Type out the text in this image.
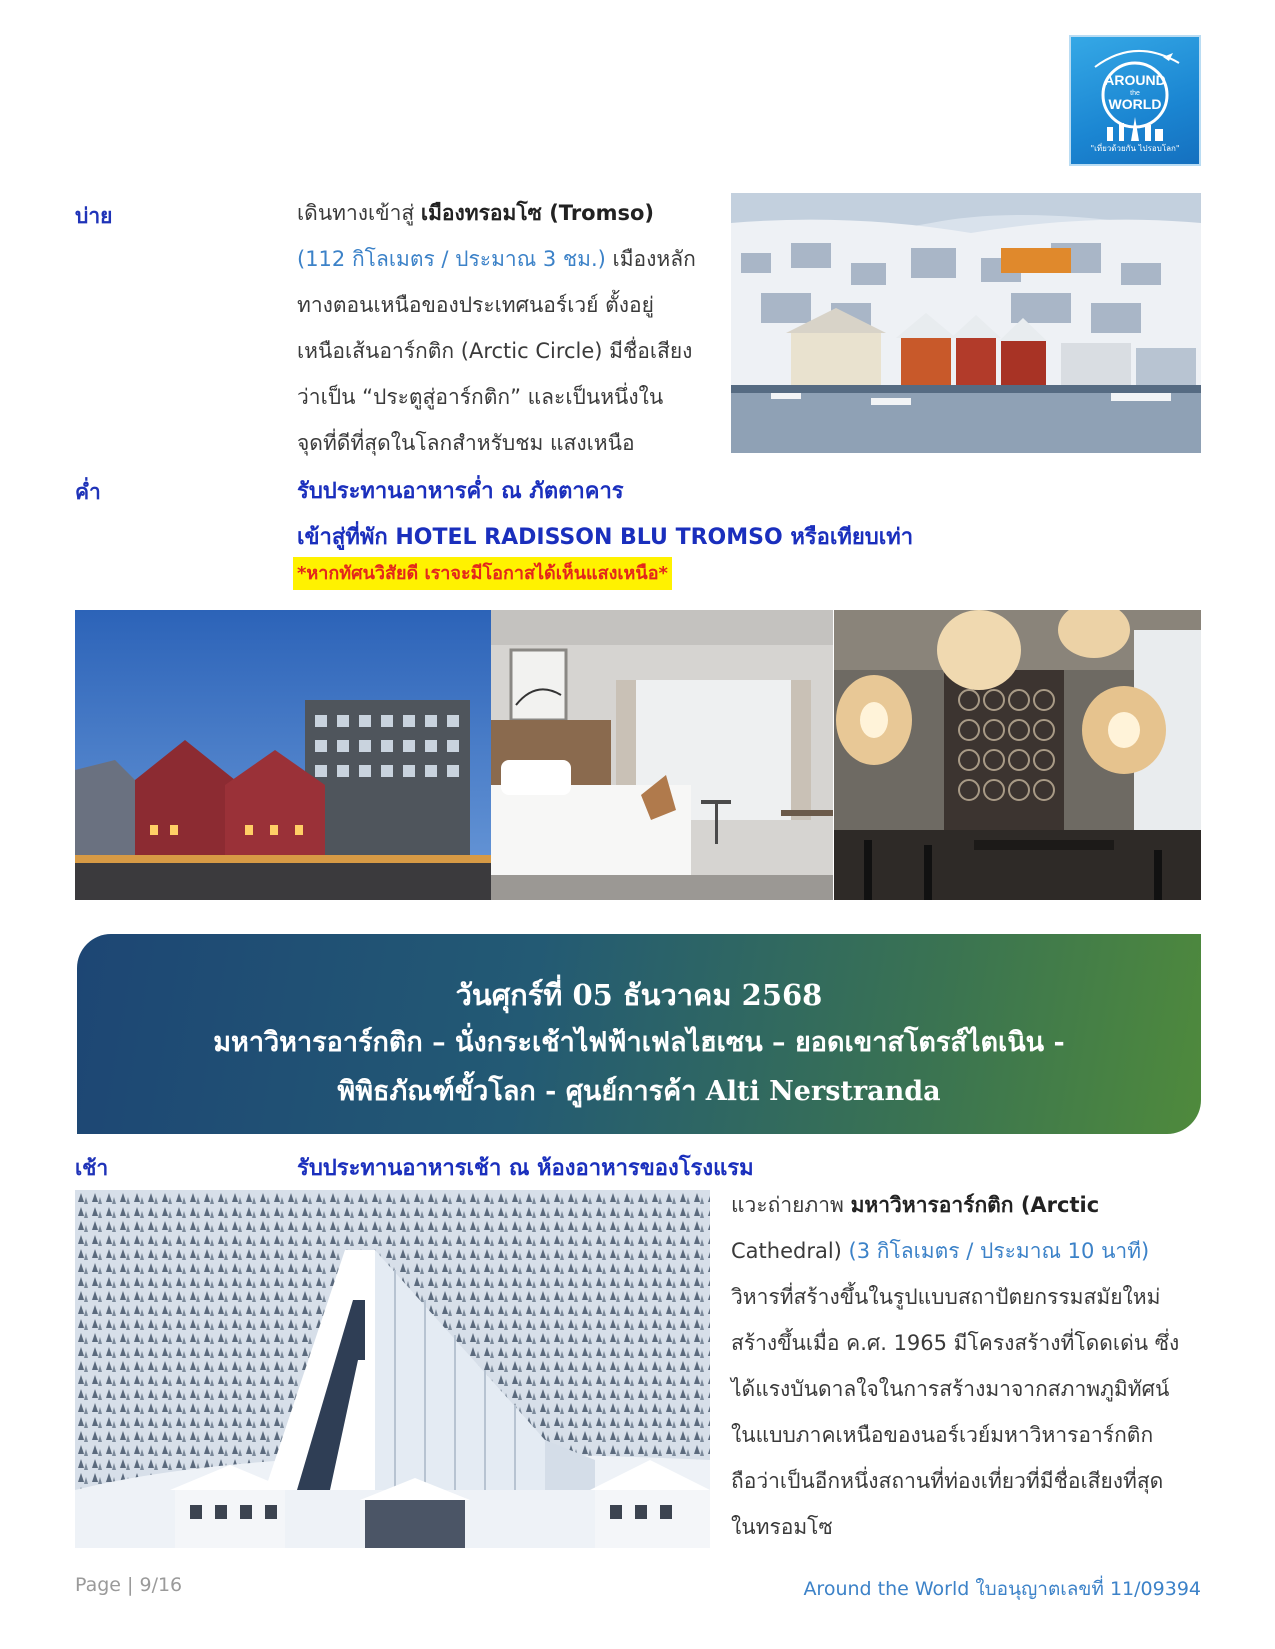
AROUND
the
WORLD
"เที่ยวด้วยกัน ไปรอบโลก"
บ่าย	เดินทางเข้าสู่ เมืองทรอมโซ (Tromso)
(112 กิโลเมตร / ประมาณ 3 ชม.) เมืองหลัก
ทางตอนเหนือของประเทศนอร์เวย์ ตั้งอยู่
เหนือเส้นอาร์กติก (Arctic Circle) มีชื่อเสียง
ว่าเป็น “ประตูสู่อาร์กติก” และเป็นหนึ่งใน
จุดที่ดีที่สุดในโลกสำหรับชม แสงเหนือ
ค่ำ	รับประทานอาหารค่ำ ณ ภัตตาคาร
เข้าสู่ที่พัก HOTEL RADISSON BLU TROMSO หรือเทียบเท่า
*หากทัศนวิสัยดี เราจะมีโอกาสได้เห็นแสงเหนือ*
วันศุกร์ที่ 05 ธันวาคม 2568
มหาวิหารอาร์กติก – นั่งกระเช้าไฟฟ้าเฟลไฮเซน – ยอดเขาสโตรส์ไตเนิน -
พิพิธภัณฑ์ขั้วโลก - ศูนย์การค้า Alti Nerstranda
เช้า	รับประทานอาหารเช้า ณ ห้องอาหารของโรงแรม
แวะถ่ายภาพ มหาวิหารอาร์กติก (Arctic
Cathedral) (3 กิโลเมตร / ประมาณ 10 นาที)
วิหารที่สร้างขึ้นในรูปแบบสถาปัตยกรรมสมัยใหม่
สร้างขึ้นเมื่อ ค.ศ. 1965 มีโครงสร้างที่โดดเด่น ซึ่ง
ได้แรงบันดาลใจในการสร้างมาจากสภาพภูมิทัศน์
ในแบบภาคเหนือของนอร์เวย์มหาวิหารอาร์กติก
ถือว่าเป็นอีกหนึ่งสถานที่ท่องเที่ยวที่มีชื่อเสียงที่สุด
ในทรอมโซ
Page | 9/16	Around the World ใบอนุญาตเลขที่ 11/09394
